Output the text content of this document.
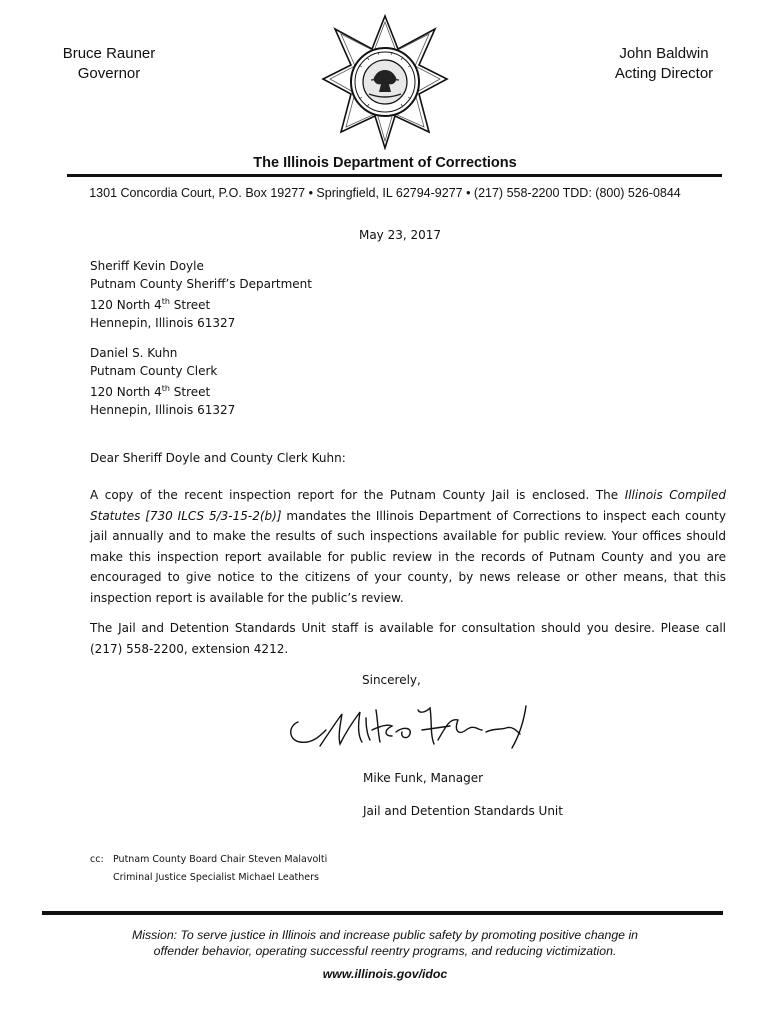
Bruce Rauner
Governor
John Baldwin
Acting Director
The Illinois Department of Corrections
1301 Concordia Court, P.O. Box 19277 • Springfield, IL 62794-9277 • (217) 558-2200 TDD: (800) 526-0844
May 23, 2017
Sheriff Kevin Doyle
Putnam County Sheriff’s Department
120 North 4th Street
Hennepin, Illinois 61327
Daniel S. Kuhn
Putnam County Clerk
120 North 4th Street
Hennepin, Illinois 61327
Dear Sheriff Doyle and County Clerk Kuhn:
A copy of the recent inspection report for the Putnam County Jail is enclosed. The Illinois Compiled Statutes [730 ILCS 5/3-15-2(b)] mandates the Illinois Department of Corrections to inspect each county jail annually and to make the results of such inspections available for public review. Your offices should make this inspection report available for public review in the records of Putnam County and you are encouraged to give notice to the citizens of your county, by news release or other means, that this inspection report is available for the public’s review.
The Jail and Detention Standards Unit staff is available for consultation should you desire. Please call (217) 558-2200, extension 4212.
Sincerely,
Mike Funk, Manager
Jail and Detention Standards Unit
cc: Putnam County Board Chair Steven Malavolti
Criminal Justice Specialist Michael Leathers
Mission: To serve justice in Illinois and increase public safety by promoting positive change in
offender behavior, operating successful reentry programs, and reducing victimization.
www.illinois.gov/idoc
